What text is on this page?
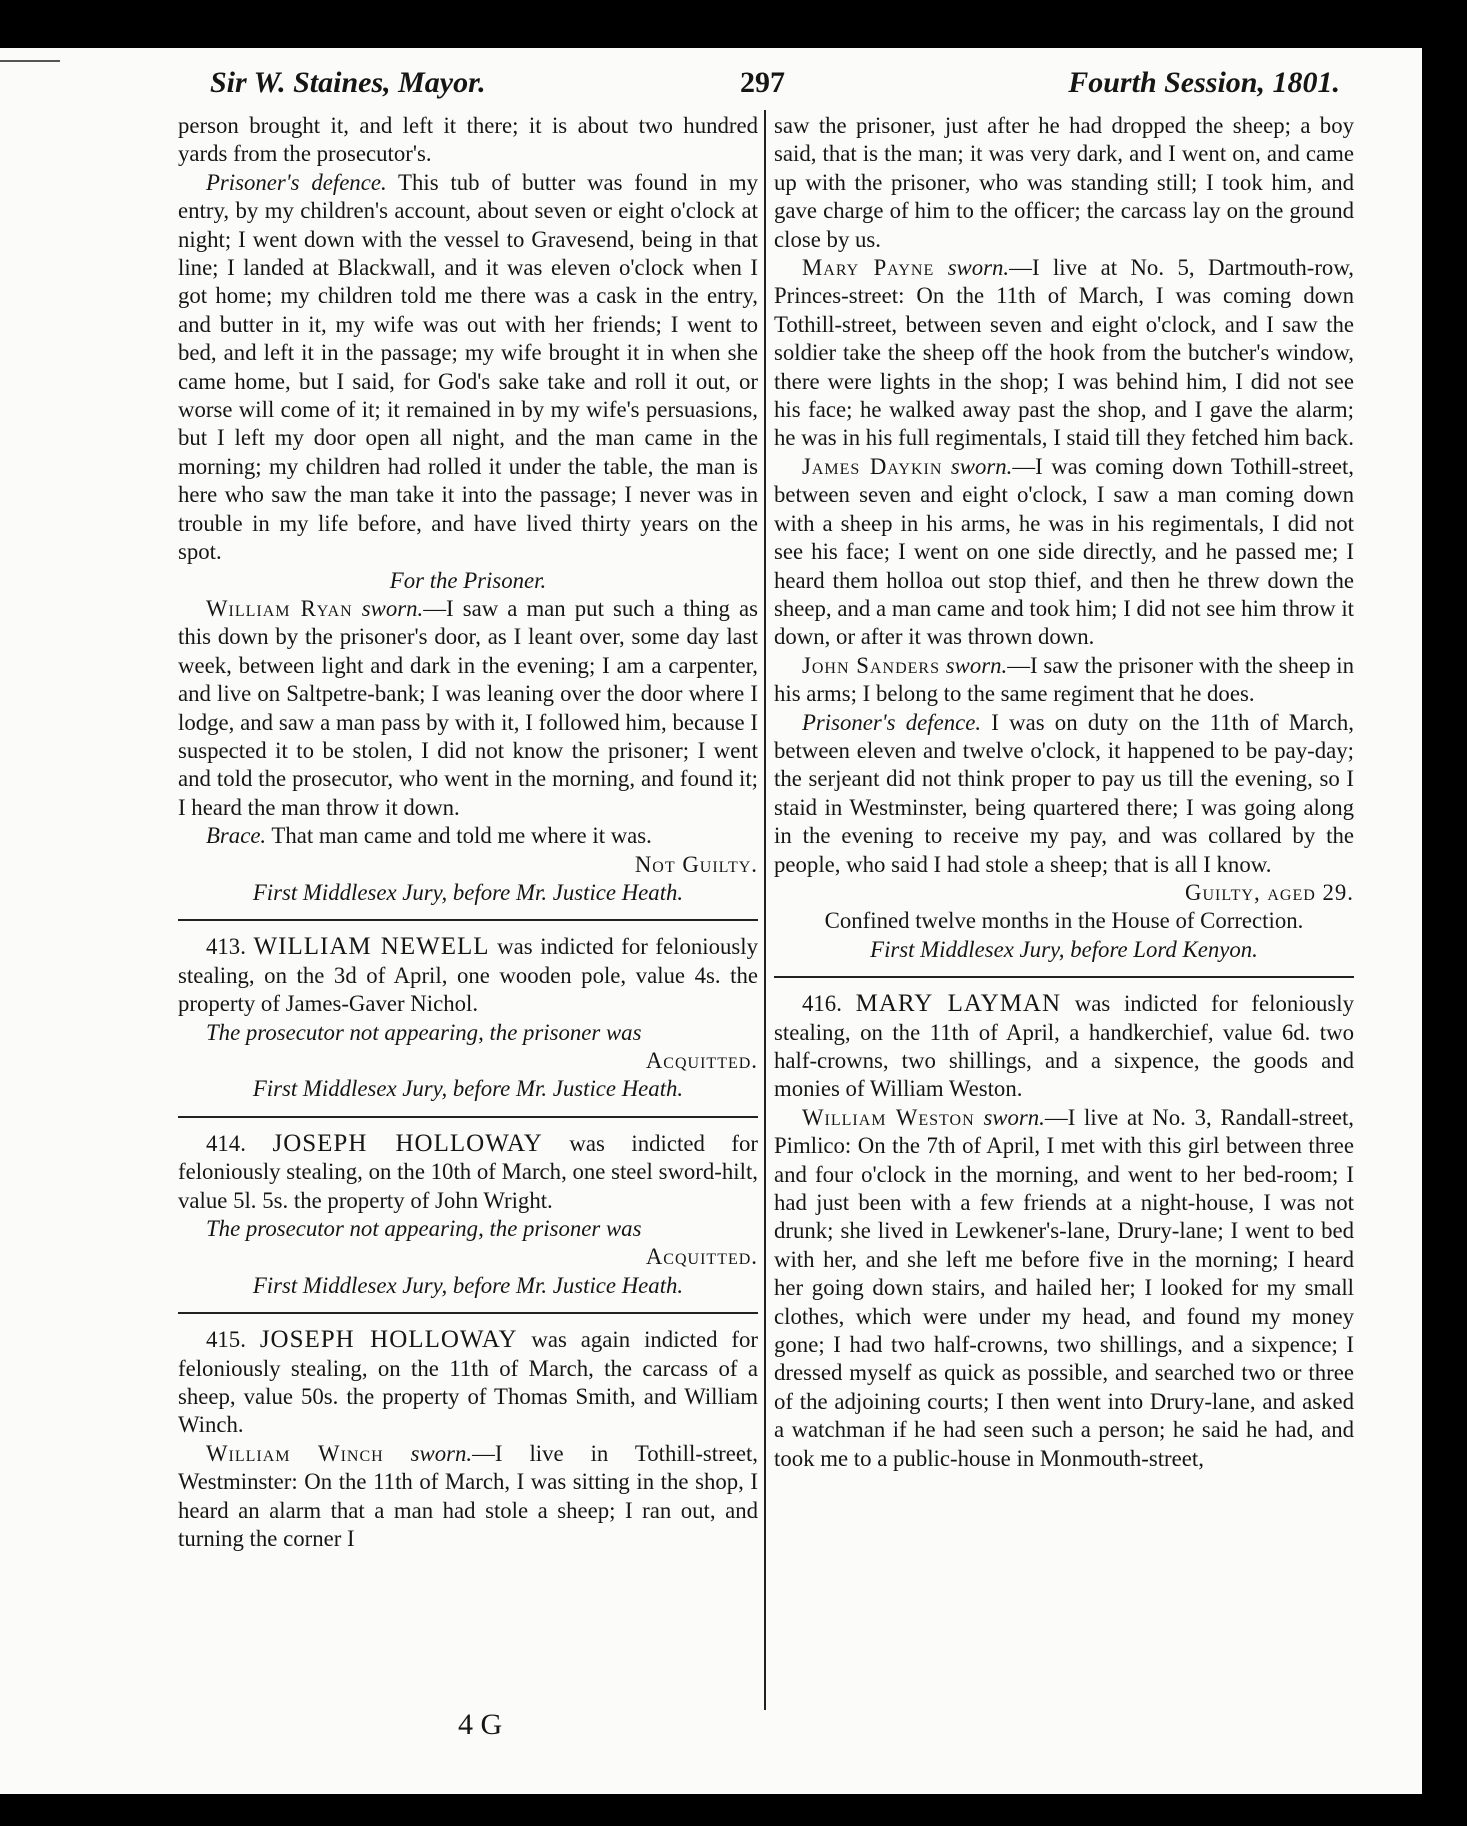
Sir W. Staines, Mayor.	297	Fourth Session, 1801.

person brought it, and left it there; it is about two hundred yards from the prosecutor's.

Prisoner's defence. This tub of butter was found in my entry, by my children's account, about seven or eight o'clock at night; I went down with the vessel to Gravesend, being in that line; I landed at Blackwall, and it was eleven o'clock when I got home; my children told me there was a cask in the entry, and butter in it, my wife was out with her friends; I went to bed, and left it in the passage; my wife brought it in when she came home, but I said, for God's sake take and roll it out, or worse will come of it; it remained in by my wife's persuasions, but I left my door open all night, and the man came in the morning; my children had rolled it under the table, the man is here who saw the man take it into the passage; I never was in trouble in my life before, and have lived thirty years on the spot.

For the Prisoner.

William Ryan sworn.—I saw a man put such a thing as this down by the prisoner's door, as I leant over, some day last week, between light and dark in the evening; I am a carpenter, and live on Saltpetre-bank; I was leaning over the door where I lodge, and saw a man pass by with it, I followed him, because I suspected it to be stolen, I did not know the prisoner; I went and told the prosecutor, who went in the morning, and found it; I heard the man throw it down.

Brace. That man came and told me where it was.

Not Guilty.

First Middlesex Jury, before Mr. Justice Heath.

413. WILLIAM NEWELL was indicted for feloniously stealing, on the 3d of April, one wooden pole, value 4s. the property of James-Gaver Nichol.

The prosecutor not appearing, the prisoner was

Acquitted.

First Middlesex Jury, before Mr. Justice Heath.

414. JOSEPH HOLLOWAY was indicted for feloniously stealing, on the 10th of March, one steel sword-hilt, value 5l. 5s. the property of John Wright.

The prosecutor not appearing, the prisoner was

Acquitted.

First Middlesex Jury, before Mr. Justice Heath.

415. JOSEPH HOLLOWAY was again indicted for feloniously stealing, on the 11th of March, the carcass of a sheep, value 50s. the property of Thomas Smith, and William Winch.

William Winch sworn.—I live in Tothill-street, Westminster: On the 11th of March, I was sitting in the shop, I heard an alarm that a man had stole a sheep; I ran out, and turning the corner I

4 G

saw the prisoner, just after he had dropped the sheep; a boy said, that is the man; it was very dark, and I went on, and came up with the prisoner, who was standing still; I took him, and gave charge of him to the officer; the carcass lay on the ground close by us.

Mary Payne sworn.—I live at No. 5, Dartmouth-row, Princes-street: On the 11th of March, I was coming down Tothill-street, between seven and eight o'clock, and I saw the soldier take the sheep off the hook from the butcher's window, there were lights in the shop; I was behind him, I did not see his face; he walked away past the shop, and I gave the alarm; he was in his full regimentals, I staid till they fetched him back.

James Daykin sworn.—I was coming down Tothill-street, between seven and eight o'clock, I saw a man coming down with a sheep in his arms, he was in his regimentals, I did not see his face; I went on one side directly, and he passed me; I heard them holloa out stop thief, and then he threw down the sheep, and a man came and took him; I did not see him throw it down, or after it was thrown down.

John Sanders sworn.—I saw the prisoner with the sheep in his arms; I belong to the same regiment that he does.

Prisoner's defence. I was on duty on the 11th of March, between eleven and twelve o'clock, it happened to be pay-day; the serjeant did not think proper to pay us till the evening, so I staid in Westminster, being quartered there; I was going along in the evening to receive my pay, and was collared by the people, who said I had stole a sheep; that is all I know.

Guilty, aged 29.

Confined twelve months in the House of Correction.

First Middlesex Jury, before Lord Kenyon.

416. MARY LAYMAN was indicted for feloniously stealing, on the 11th of April, a handkerchief, value 6d. two half-crowns, two shillings, and a sixpence, the goods and monies of William Weston.

William Weston sworn.—I live at No. 3, Randall-street, Pimlico: On the 7th of April, I met with this girl between three and four o'clock in the morning, and went to her bed-room; I had just been with a few friends at a night-house, I was not drunk; she lived in Lewkener's-lane, Drury-lane; I went to bed with her, and she left me before five in the morning; I heard her going down stairs, and hailed her; I looked for my small clothes, which were under my head, and found my money gone; I had two half-crowns, two shillings, and a sixpence; I dressed myself as quick as possible, and searched two or three of the adjoining courts; I then went into Drury-lane, and asked a watchman if he had seen such a person; he said he had, and took me to a public-house in Monmouth-street,
